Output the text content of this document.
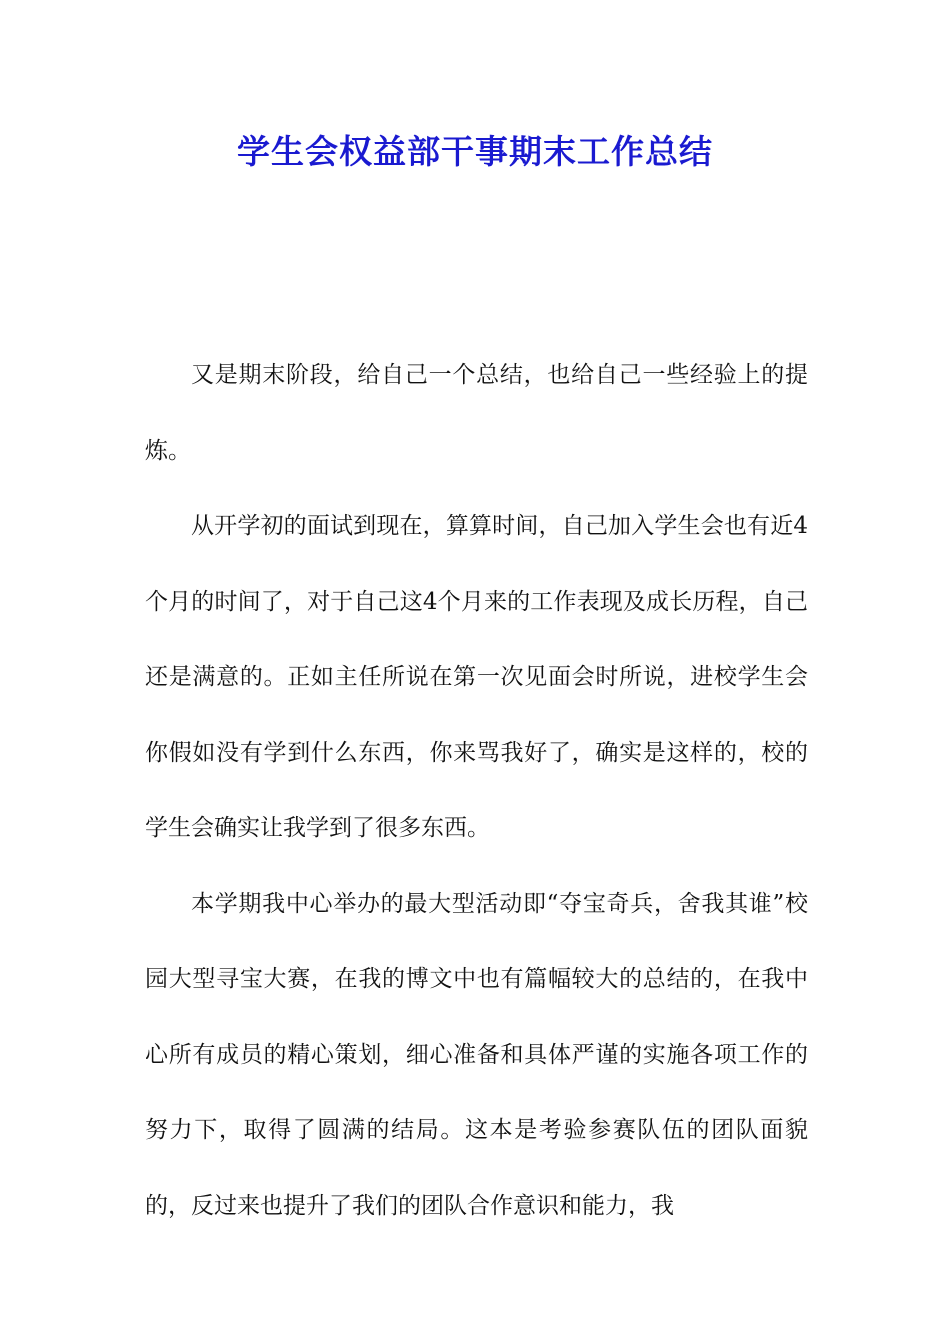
学生会权益部干事期末工作总结

又是期末阶段，给自己一个总结，也给自己一些经验上的提炼。

从开学初的面试到现在，算算时间，自己加入学生会也有近4个月的时间了，对于自己这4个月来的工作表现及成长历程，自己还是满意的。正如主任所说在第一次见面会时所说，进校学生会你假如没有学到什么东西，你来骂我好了，确实是这样的，校的学生会确实让我学到了很多东西。

本学期我中心举办的最大型活动即“夺宝奇兵，舍我其谁”校园大型寻宝大赛，在我的博文中也有篇幅较大的总结的，在我中心所有成员的精心策划，细心准备和具体严谨的实施各项工作的努力下，取得了圆满的结局。这本是考验参赛队伍的团队面貌的，反过来也提升了我们的团队合作意识和能力，我
